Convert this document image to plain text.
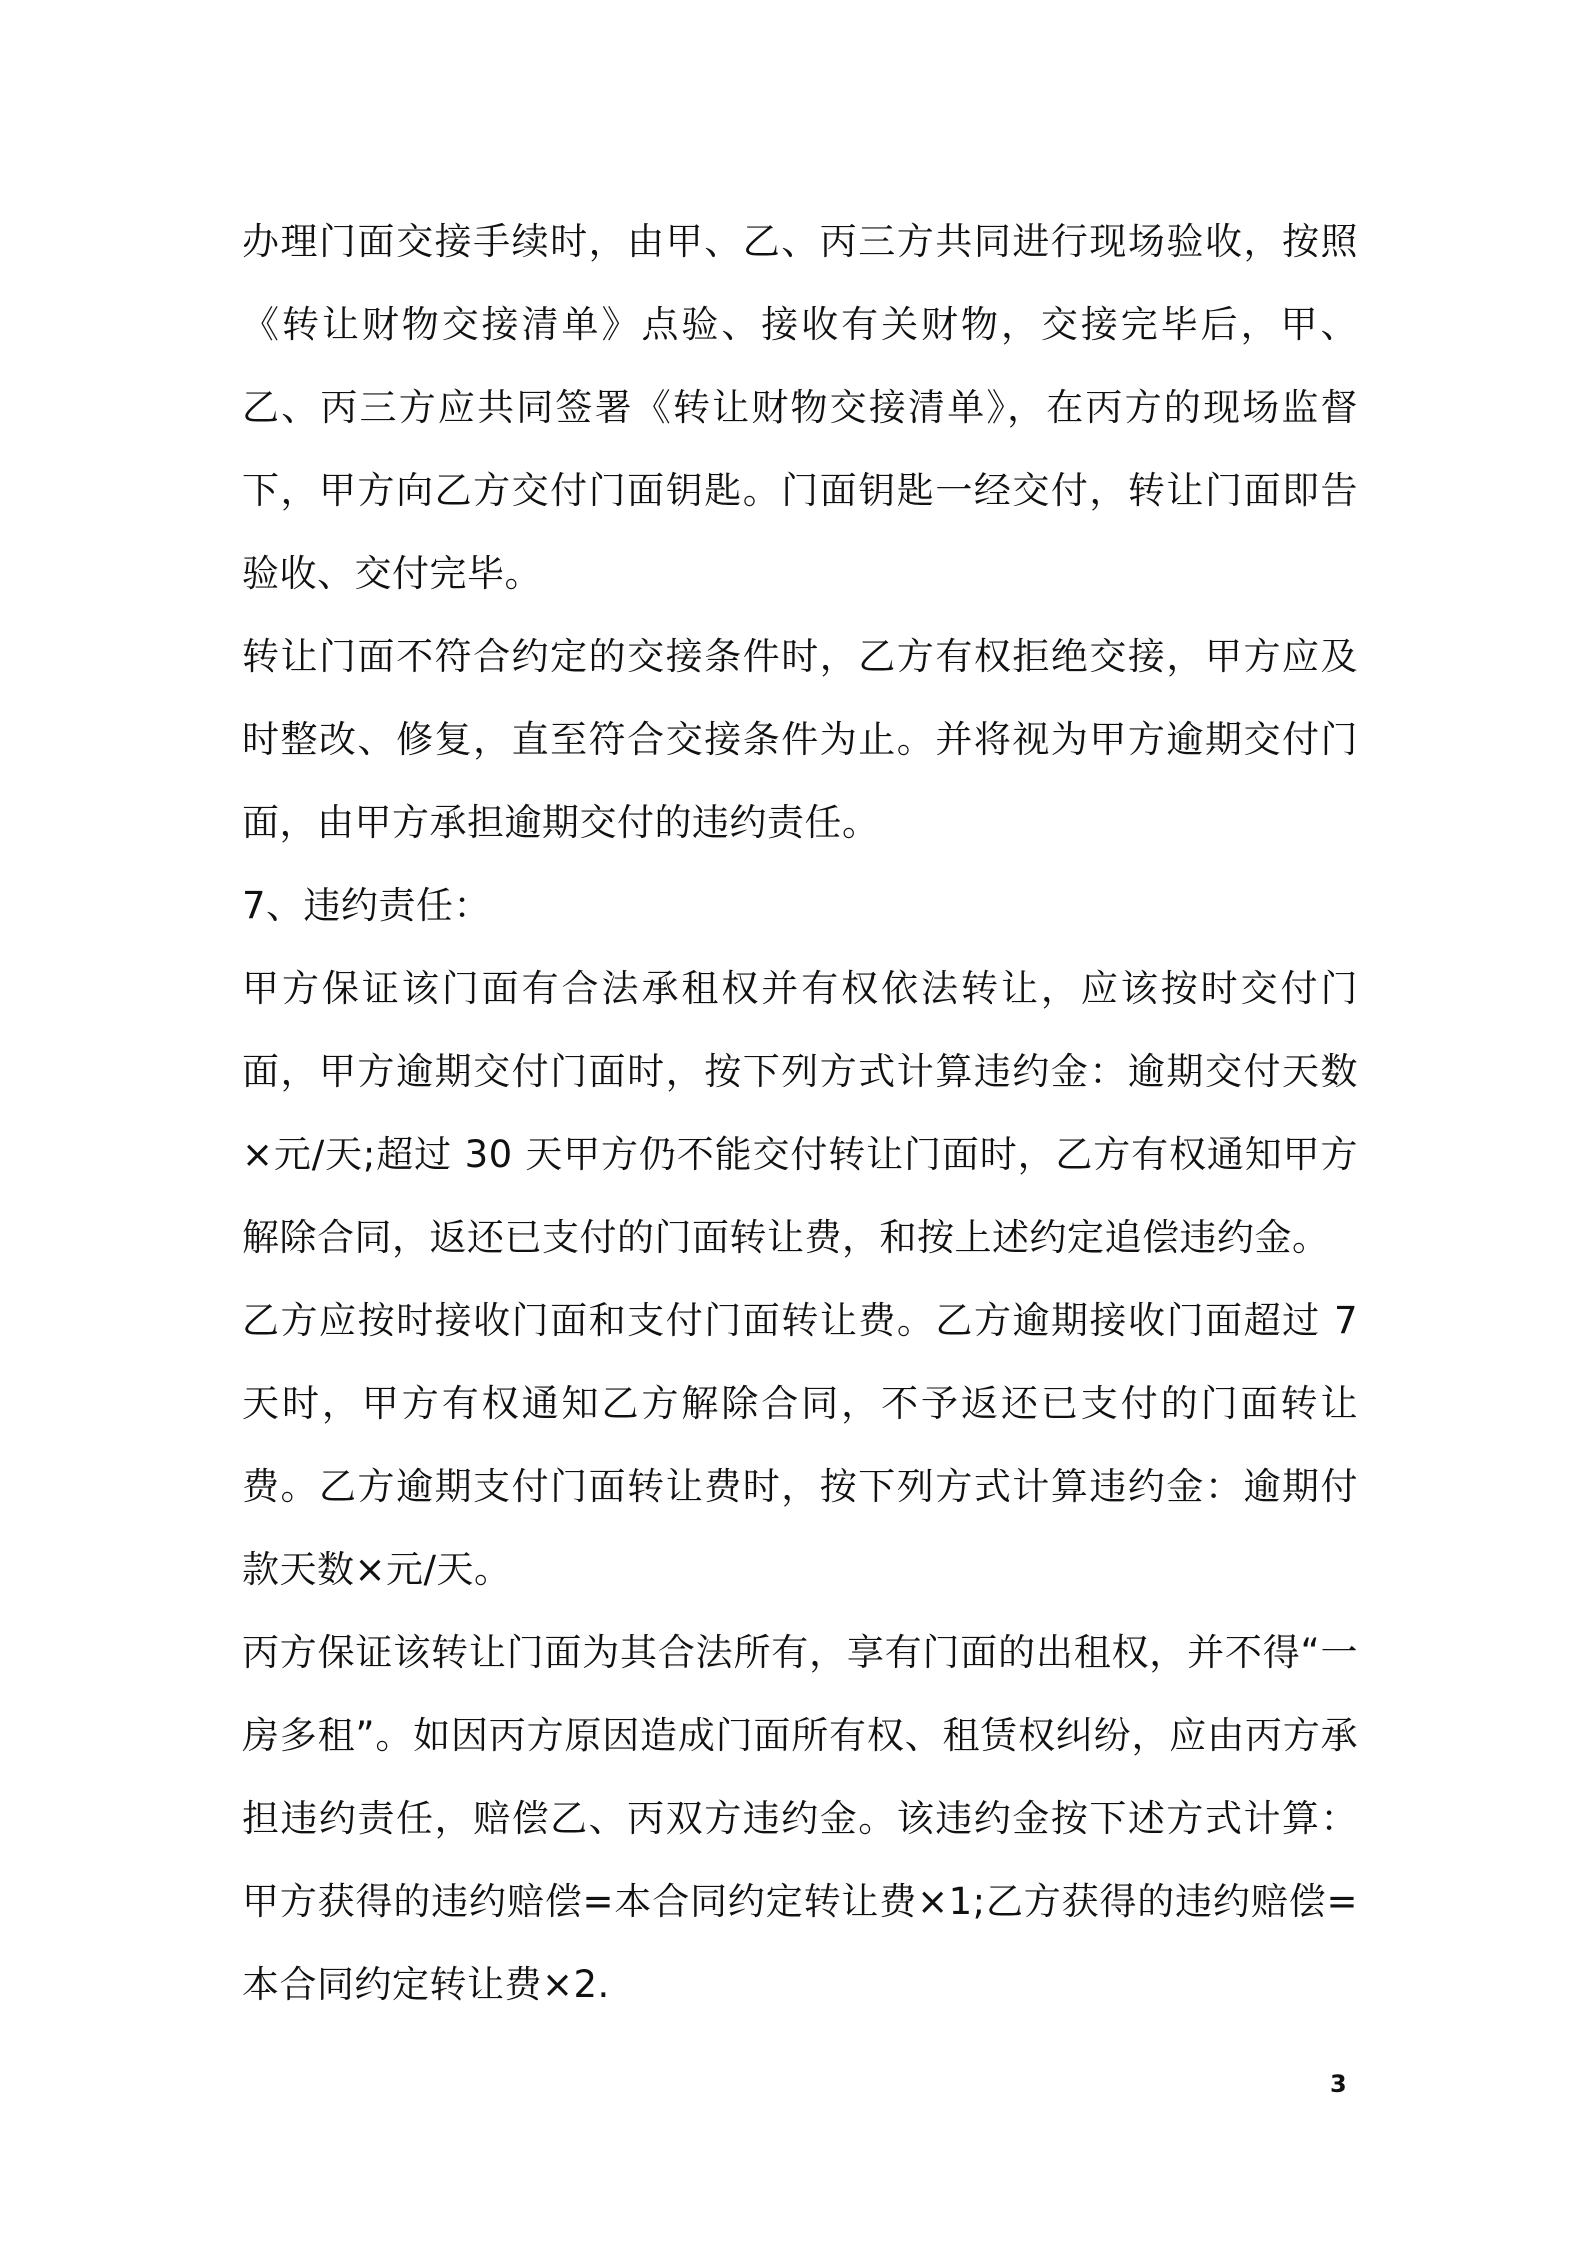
办理门面交接手续时，由甲、乙、丙三方共同进行现场验收，按照《转让财物交接清单》点验、接收有关财物，交接完毕后，甲、乙、丙三方应共同签署《转让财物交接清单》，在丙方的现场监督下，甲方向乙方交付门面钥匙。门面钥匙一经交付，转让门面即告验收、交付完毕。

转让门面不符合约定的交接条件时，乙方有权拒绝交接，甲方应及时整改、修复，直至符合交接条件为止。并将视为甲方逾期交付门面，由甲方承担逾期交付的违约责任。

7、违约责任：

甲方保证该门面有合法承租权并有权依法转让，应该按时交付门面，甲方逾期交付门面时，按下列方式计算违约金：逾期交付天数×元/天;超过 30 天甲方仍不能交付转让门面时，乙方有权通知甲方解除合同，返还已支付的门面转让费，和按上述约定追偿违约金。

乙方应按时接收门面和支付门面转让费。乙方逾期接收门面超过 7 天时，甲方有权通知乙方解除合同，不予返还已支付的门面转让费。乙方逾期支付门面转让费时，按下列方式计算违约金：逾期付款天数×元/天。

丙方保证该转让门面为其合法所有，享有门面的出租权，并不得“一房多租”。如因丙方原因造成门面所有权、租赁权纠纷，应由丙方承担违约责任，赔偿乙、丙双方违约金。该违约金按下述方式计算：甲方获得的违约赔偿=本合同约定转让费×1;乙方获得的违约赔偿=本合同约定转让费×2.

3
